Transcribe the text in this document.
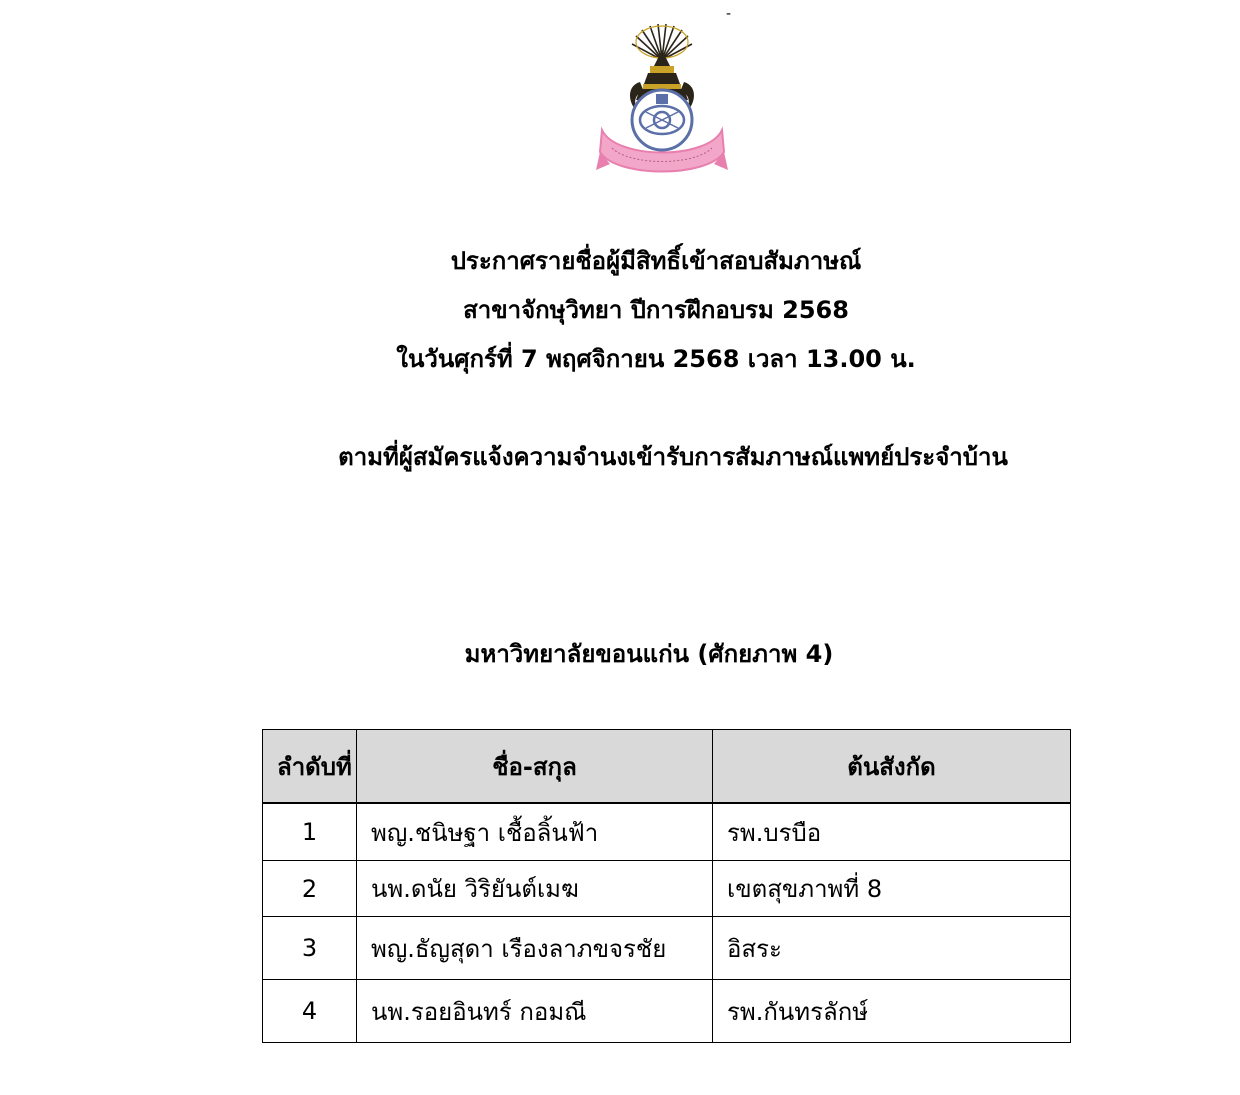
-
ประกาศรายชื่อผู้มีสิทธิ์เข้าสอบสัมภาษณ์
สาขาจักษุวิทยา ปีการฝึกอบรม 2568
ในวันศุกร์ที่ 7 พฤศจิกายน 2568 เวลา 13.00 น.
ตามที่ผู้สมัครแจ้งความจำนงเข้ารับการสัมภาษณ์แพทย์ประจำบ้าน
มหาวิทยาลัยขอนแก่น (ศักยภาพ 4)
ลำดับที่	ชื่อ-สกุล	ต้นสังกัด
1	พญ.ชนิษฐา เชื้อลิ้นฟ้า	รพ.บรบือ
2	นพ.ดนัย วิริยันต์เมฆ	เขตสุขภาพที่ 8
3	พญ.ธัญสุดา เรืองลาภขจรชัย	อิสระ
4	นพ.รอยอินทร์ กอมณี	รพ.กันทรลักษ์
